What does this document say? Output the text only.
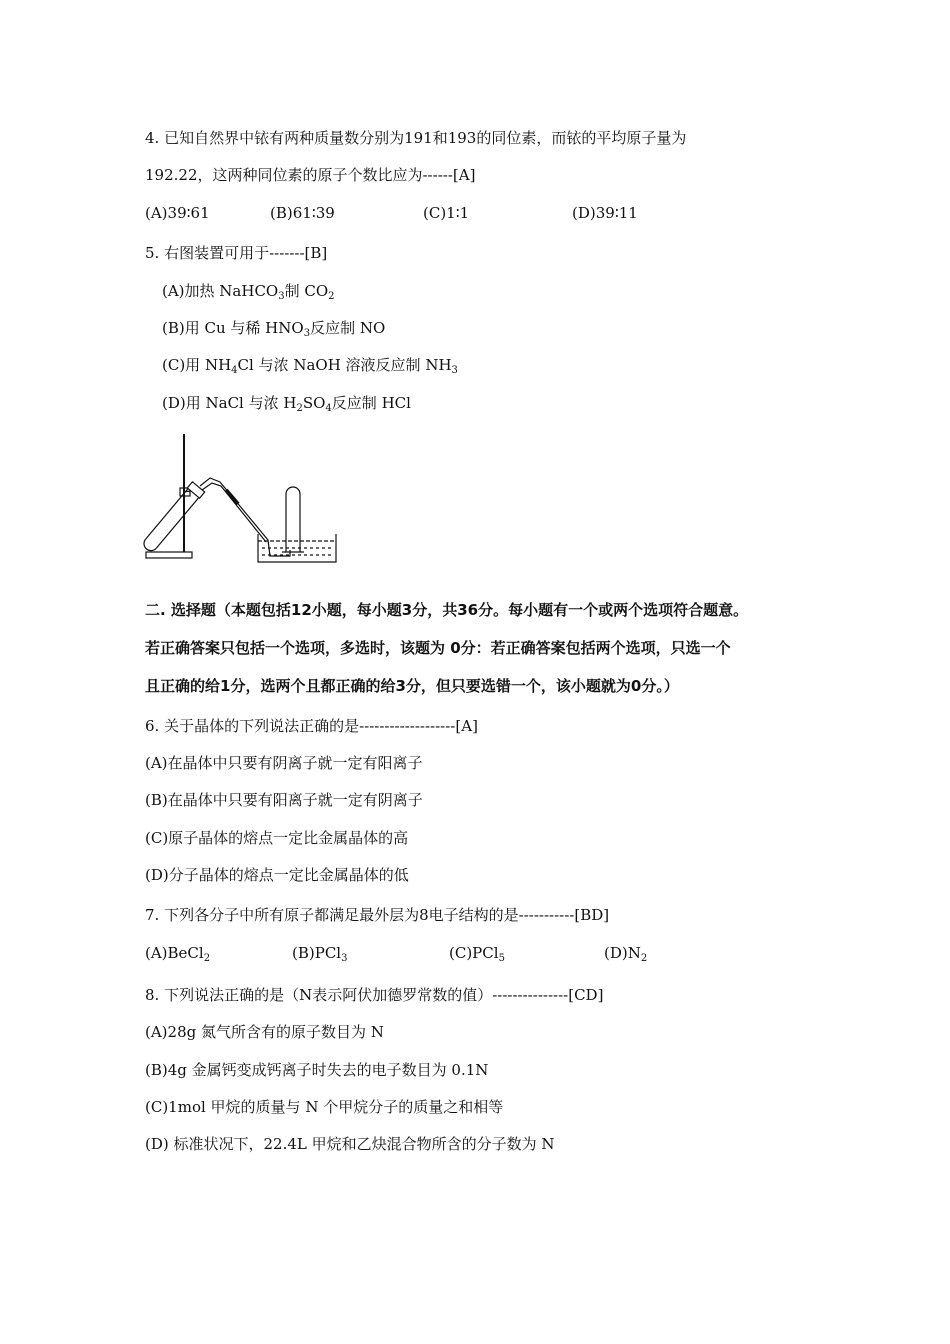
4. 已知自然界中铱有两种质量数分别为191和193的同位素，而铱的平均原子量为
192.22，这两种同位素的原子个数比应为------[A]
(A)39∶61	(B)61∶39	(C)1∶1	(D)39∶11
5. 右图装置可用于-------[B]
(A)加热 NaHCO$_3$制 $CO_2$
(B)用 Cu 与稀 $HNO_3$反应制 NO
(C)用 $NH_4Cl$ 与浓 NaOH 溶液反应制 $NH_3$
(D)用 NaCl 与浓 $H_2SO_4$反应制 HCl
二. 选择题（本题包括12小题，每小题3分，共36分。每小题有一个或两个选项符合题意。
若正确答案只包括一个选项，多选时，该题为 0分：若正确答案包括两个选项，只选一个
且正确的给1分，选两个且都正确的给3分，但只要选错一个，该小题就为0分。）
6. 关于晶体的下列说法正确的是-------------------[A]
(A)在晶体中只要有阴离子就一定有阳离子
(B)在晶体中只要有阳离子就一定有阴离子
(C)原子晶体的熔点一定比金属晶体的高
(D)分子晶体的熔点一定比金属晶体的低
7. 下列各分子中所有原子都满足最外层为8电子结构的是-----------[BD]
(A)BeCl$_2$	(B)PCl$_3$	(C)PCl$_5$	$(D)N_2$
8. 下列说法正确的是（N表示阿伏加德罗常数的值）---------------[CD]
(A)28g 氮气所含有的原子数目为 N
(B)4g 金属钙变成钙离子时失去的电子数目为 0.1N
(C)1mol 甲烷的质量与 N 个甲烷分子的质量之和相等
(D) 标准状况下，22.4L 甲烷和乙炔混合物所含的分子数为 N
